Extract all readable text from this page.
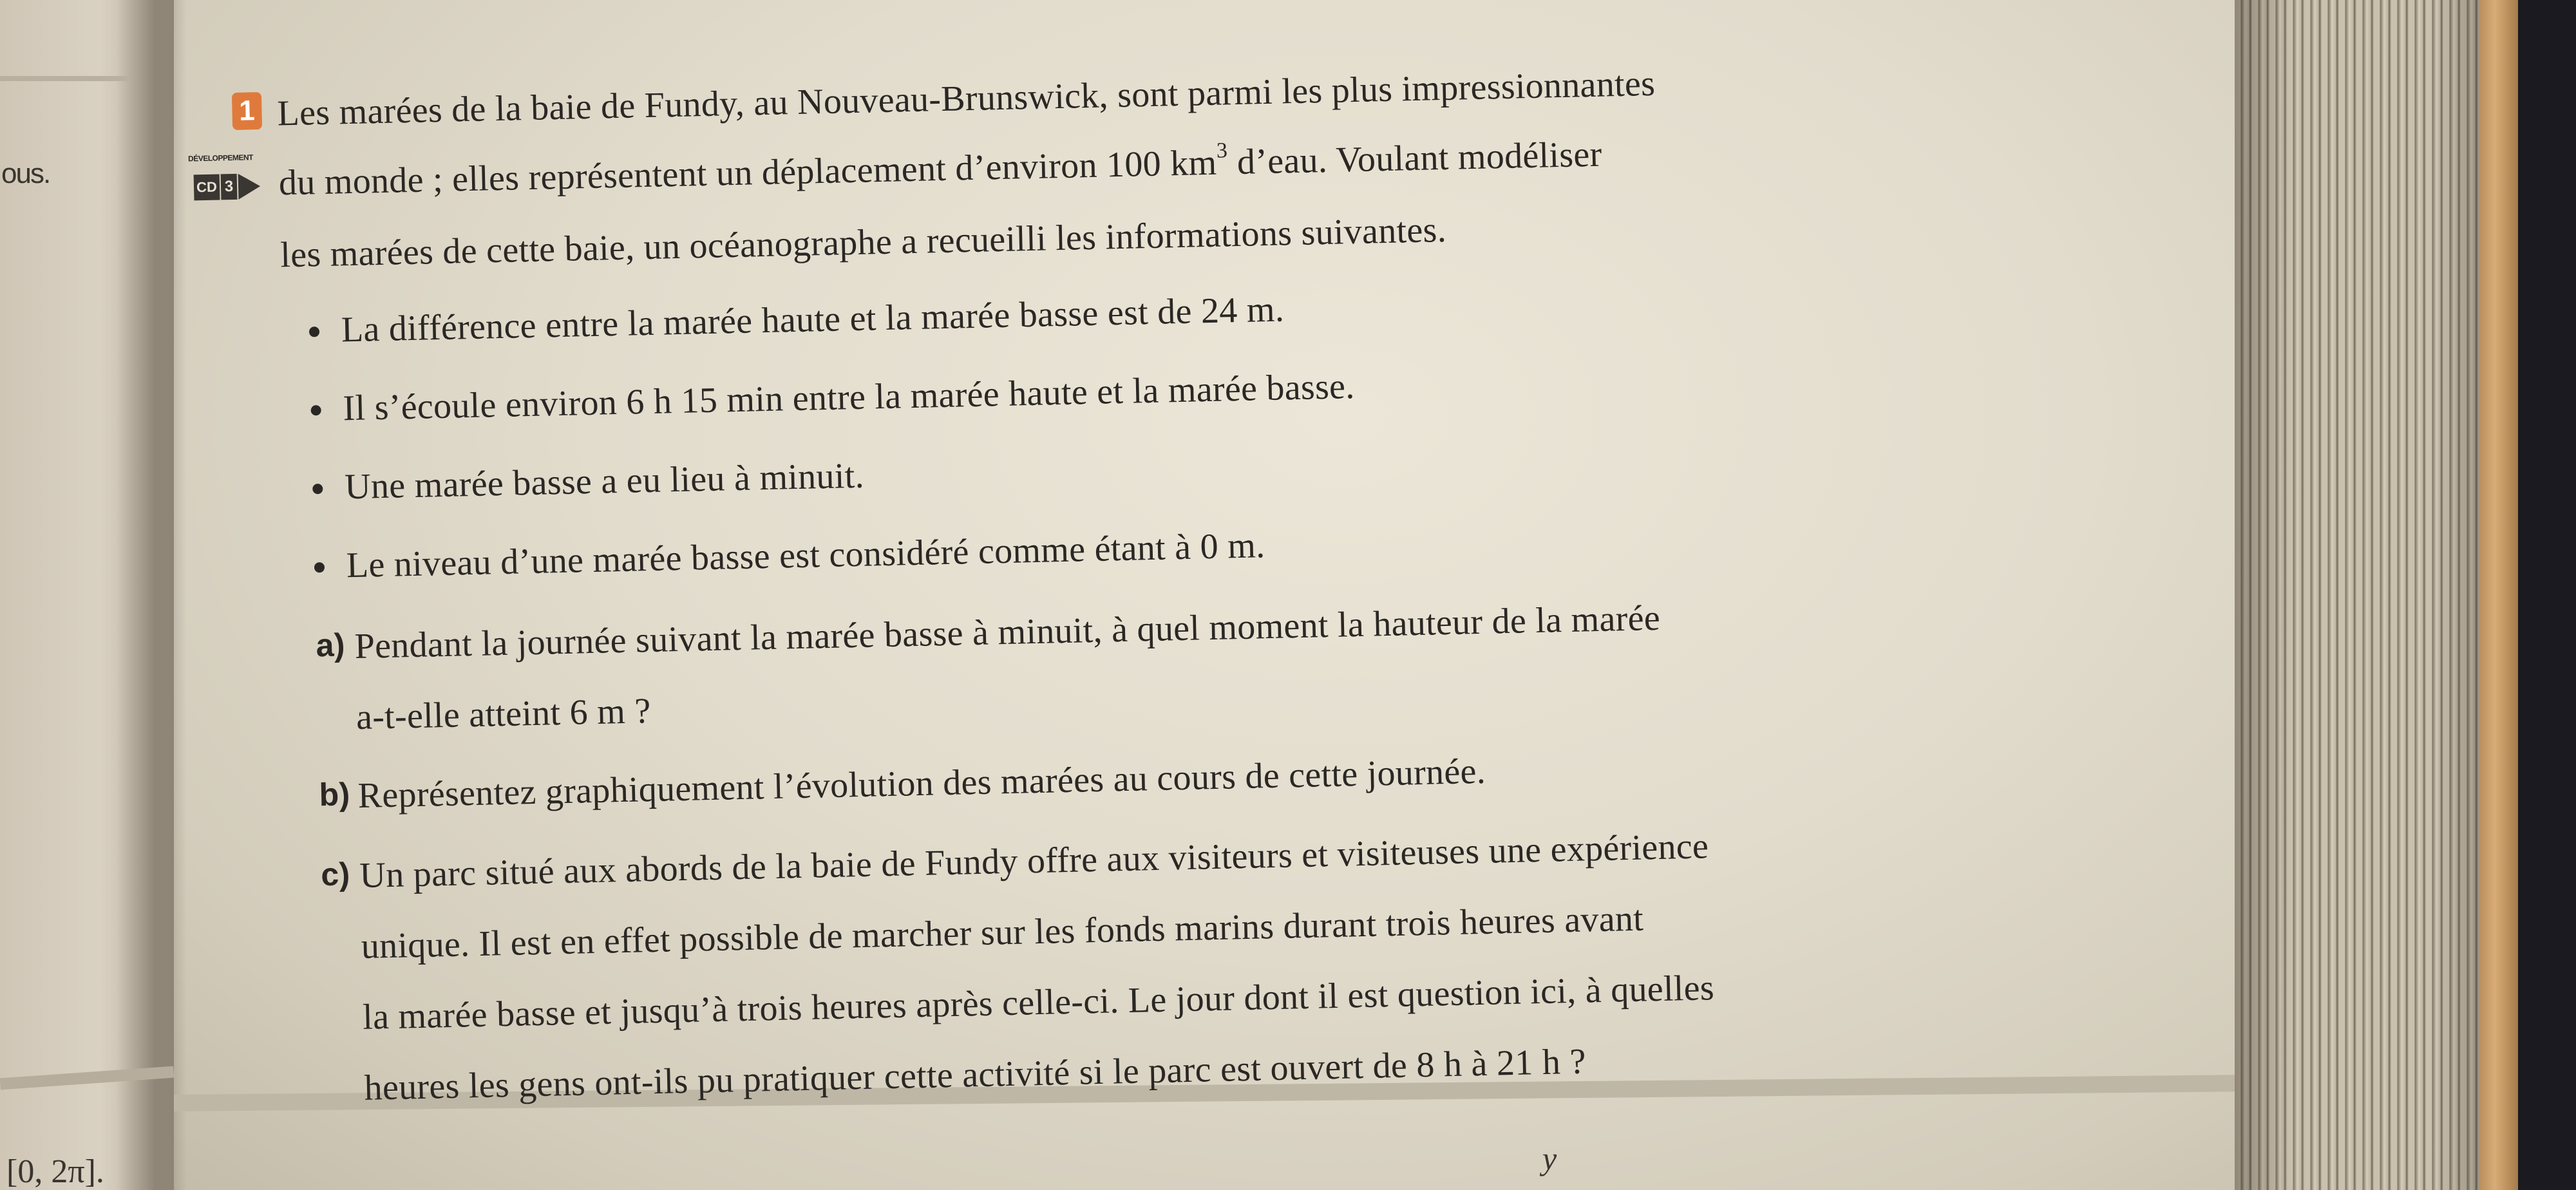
ous.
[0, 2π].	y
1
DÉVELOPPEMENT
CD 3
Les marées de la baie de Fundy, au Nouveau-Brunswick, sont parmi les plus impressionnantes
du monde ; elles représentent un déplacement d’environ 100 $km^3$ d’eau. Voulant modéliser
les marées de cette baie, un océanographe a recueilli les informations suivantes.
La différence entre la marée haute et la marée basse est de 24 m.
Il s’écoule environ 6 h 15 min entre la marée haute et la marée basse.
Une marée basse a eu lieu à minuit.
Le niveau d’une marée basse est considéré comme étant à 0 m.
a) Pendant la journée suivant la marée basse à minuit, à quel moment la hauteur de la marée
a-t-elle atteint 6 m ?
b) Représentez graphiquement l’évolution des marées au cours de cette journée.
c) Un parc situé aux abords de la baie de Fundy offre aux visiteurs et visiteuses une expérience
unique. Il est en effet possible de marcher sur les fonds marins durant trois heures avant
la marée basse et jusqu’à trois heures après celle-ci. Le jour dont il est question ici, à quelles
heures les gens ont-ils pu pratiquer cette activité si le parc est ouvert de 8 h à 21 h ?
